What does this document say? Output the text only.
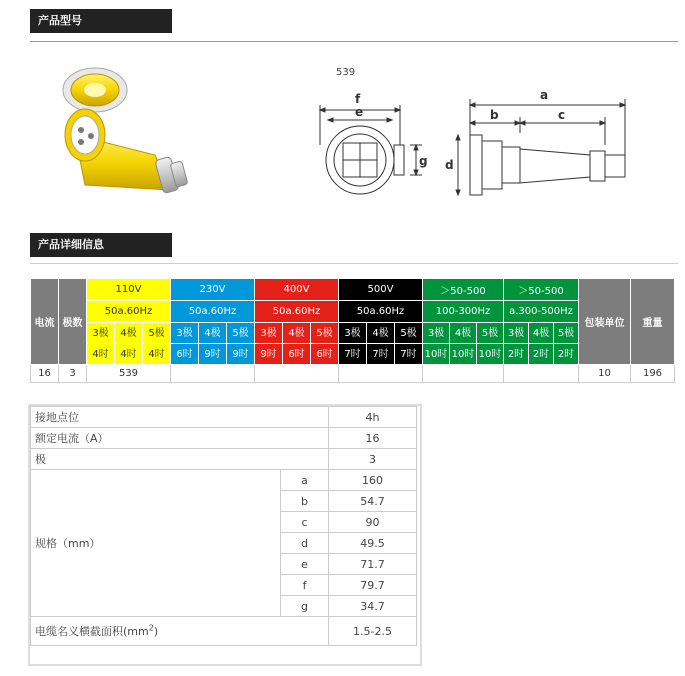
产品型号
539
f
e
g
a
b	c
d
产品详细信息
电流	极数	110V			230V			400V			500V			＞50-500			＞50-500			包装单位	重量
		50a.60Hz			50a.60Hz			50a.60Hz			50a.60Hz			100-300Hz			a.300-500Hz				
		3极	4极	5极	3极	4极	5极	3极	4极	5极	3极	4极	5极	3极	4极	5极	3极	4极	5极		
		4时	4时	4时	6时	9时	9时	9时	6时	6时	7时	7时	7时	10时	10时	10时	2时	2时	2时		
16	3	539																		10	196
接地点位		4h
额定电流（A）		16
极		3
规格（mm）	a	160
	b	54.7
	c	90
	d	49.5
	e	71.7
	f	79.7
	g	34.7
电缆名义横截面积$(mm^2)$		1.5-2.5
